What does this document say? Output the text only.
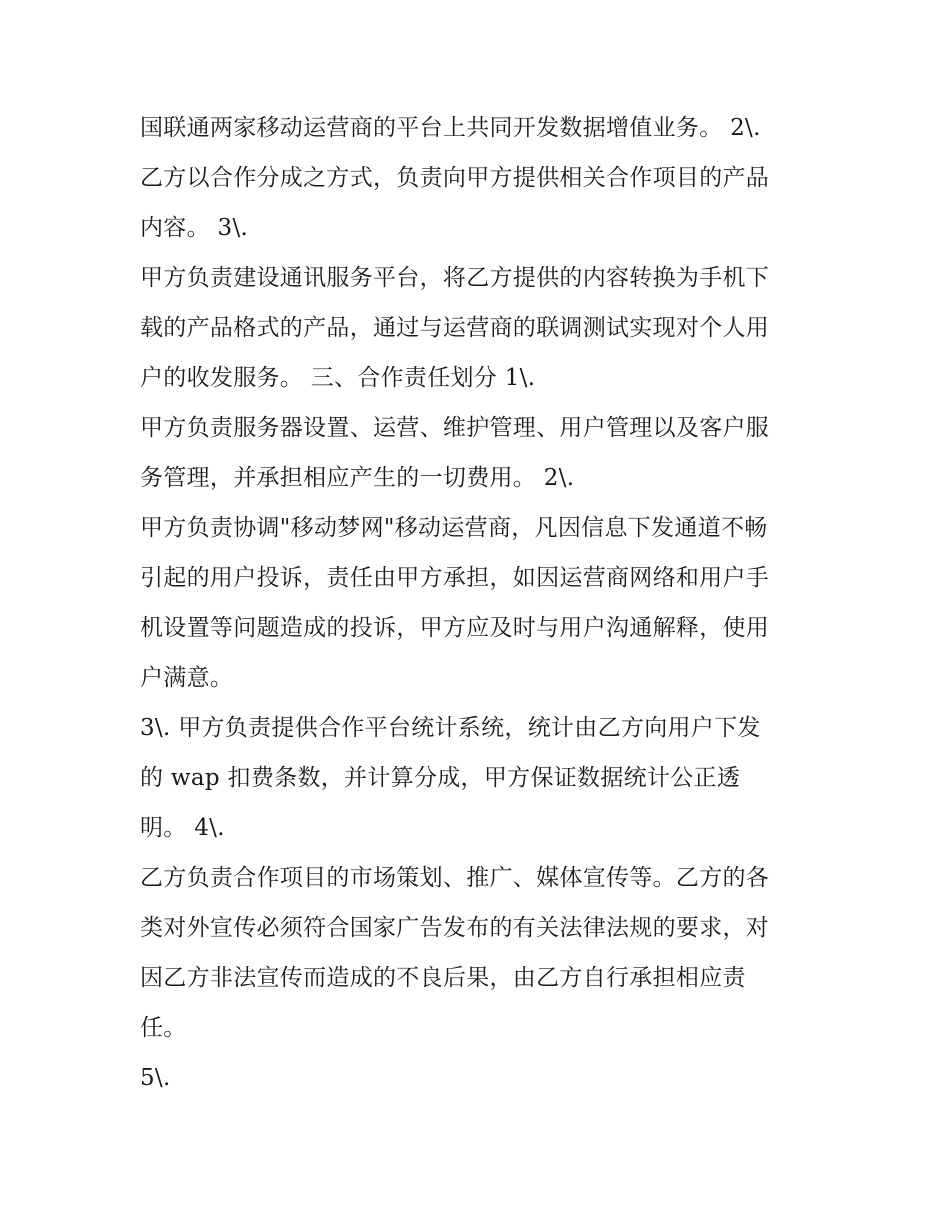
国联通两家移动运营商的平台上共同开发数据增值业务。 2\.
乙方以合作分成之方式，负责向甲方提供相关合作项目的产品
内容。 3\.
甲方负责建设通讯服务平台，将乙方提供的内容转换为手机下
载的产品格式的产品，通过与运营商的联调测试实现对个人用
户的收发服务。 三、合作责任划分 1\.
甲方负责服务器设置、运营、维护管理、用户管理以及客户服
务管理，并承担相应产生的一切费用。 2\.
甲方负责协调"移动梦网"移动运营商，凡因信息下发通道不畅
引起的用户投诉，责任由甲方承担，如因运营商网络和用户手
机设置等问题造成的投诉，甲方应及时与用户沟通解释，使用
户满意。
3\. 甲方负责提供合作平台统计系统，统计由乙方向用户下发
的 wap 扣费条数，并计算分成，甲方保证数据统计公正透
明。 4\.
乙方负责合作项目的市场策划、推广、媒体宣传等。乙方的各
类对外宣传必须符合国家广告发布的有关法律法规的要求，对
因乙方非法宣传而造成的不良后果，由乙方自行承担相应责
任。
5\.
